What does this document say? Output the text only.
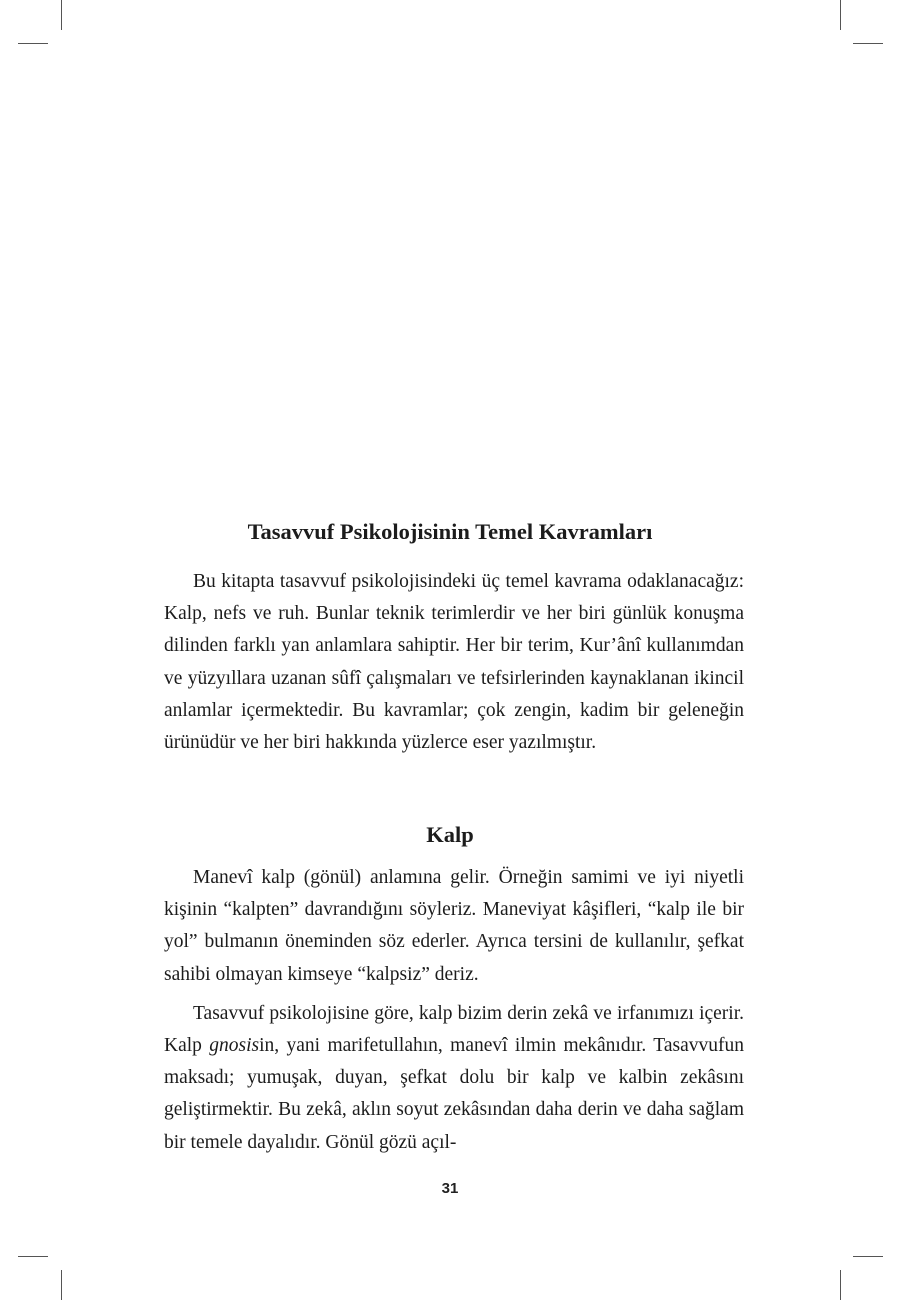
Tasavvuf Psikolojisinin Temel Kavramları

Bu kitapta tasavvuf psikolojisindeki üç temel kavrama odaklanacağız: Kalp, nefs ve ruh. Bunlar teknik terimlerdir ve her biri günlük konuşma dilinden farklı yan anlamlara sahiptir. Her bir terim, Kur’ânî kullanımdan ve yüzyıllara uzanan sûfî çalışmaları ve tefsirlerinden kaynaklanan ikincil anlamlar içermektedir. Bu kavramlar; çok zengin, kadim bir geleneğin ürünüdür ve her biri hakkında yüzlerce eser yazılmıştır.

Kalp

Manevî kalp (gönül) anlamına gelir. Örneğin samimi ve iyi niyetli kişinin “kalpten” davrandığını söyleriz. Maneviyat kâşifleri, “kalp ile bir yol” bulmanın öneminden söz ederler. Ayrıca tersini de kullanılır, şefkat sahibi olmayan kimseye “kalpsiz” deriz.

Tasavvuf psikolojisine göre, kalp bizim derin zekâ ve irfanımızı içerir. Kalp gnosisin, yani marifetullahın, manevî ilmin mekânıdır. Tasavvufun maksadı; yumuşak, duyan, şefkat dolu bir kalp ve kalbin zekâsını geliştirmektir. Bu zekâ, aklın soyut zekâsından daha derin ve daha sağlam bir temele dayalıdır. Gönül gözü açıl-

31
